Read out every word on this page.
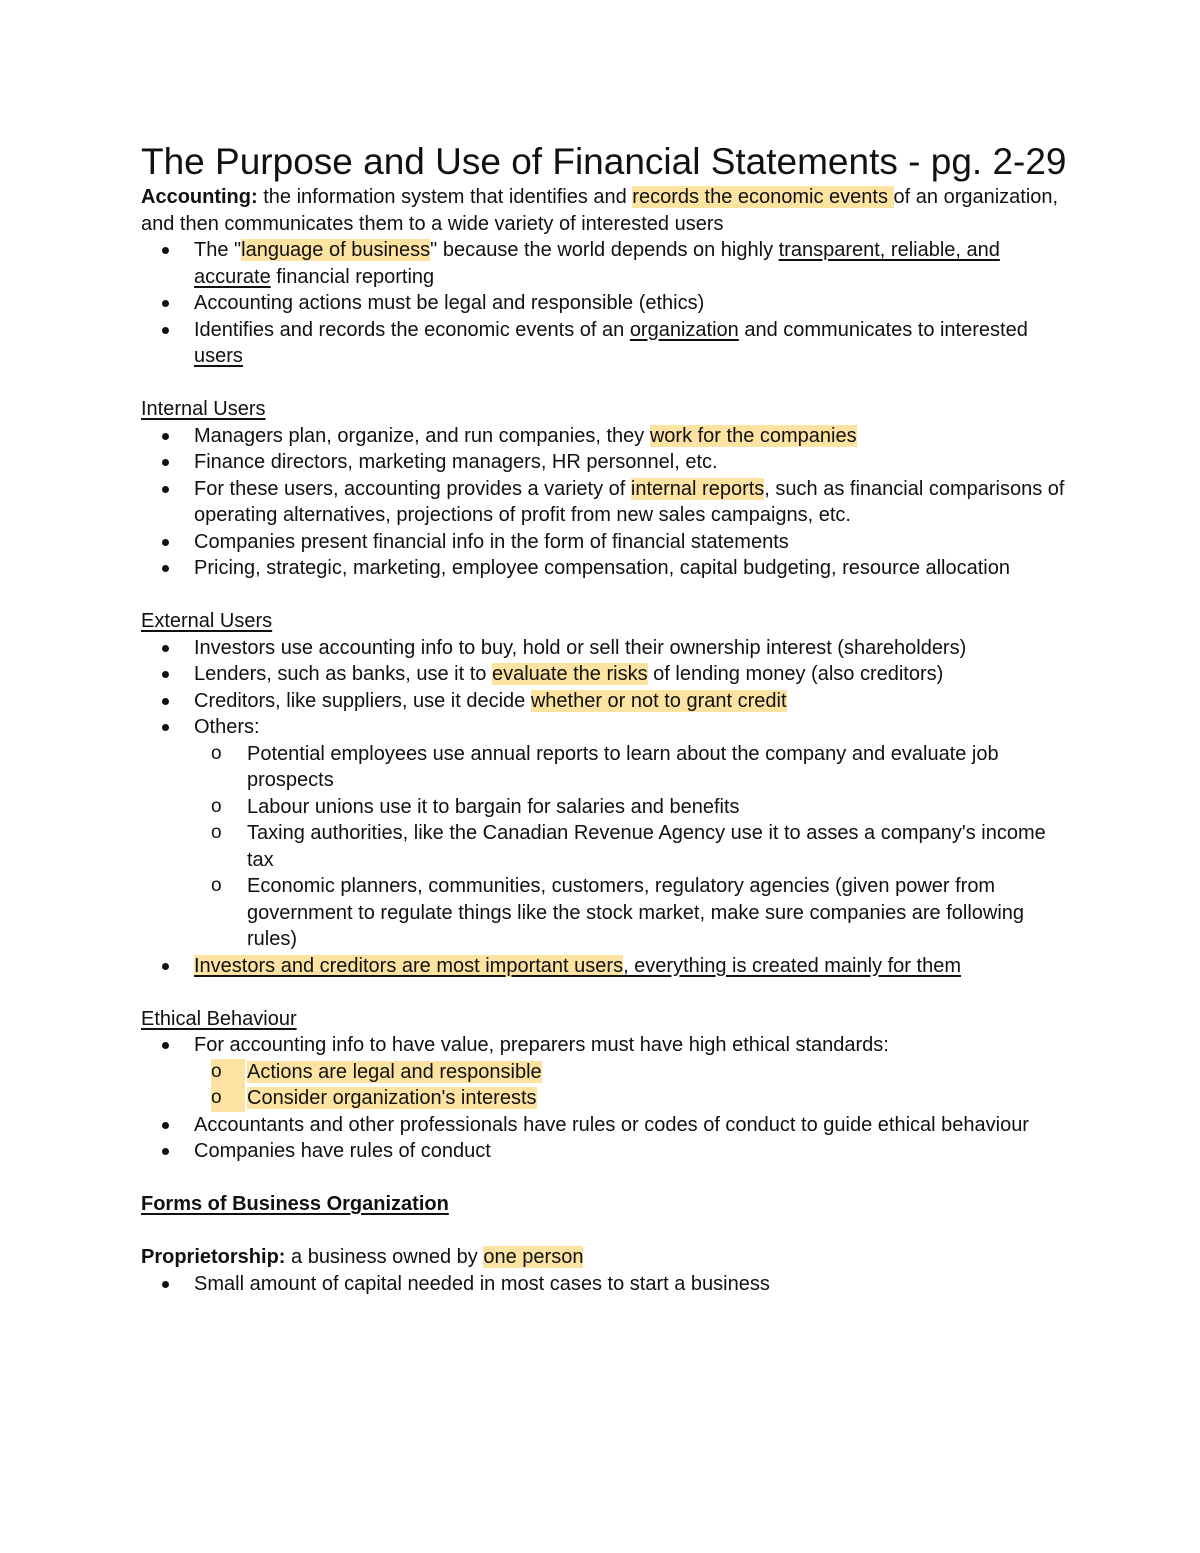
The Purpose and Use of Financial Statements - pg. 2-29

Accounting: the information system that identifies and records the economic events of an organization, and then communicates them to a wide variety of interested users

The "language of business" because the world depends on highly transparent, reliable, and accurate financial reporting
Accounting actions must be legal and responsible (ethics)
Identifies and records the economic events of an organization and communicates to interested users

Internal Users

Managers plan, organize, and run companies, they work for the companies
Finance directors, marketing managers, HR personnel, etc.
For these users, accounting provides a variety of internal reports, such as financial comparisons of operating alternatives, projections of profit from new sales campaigns, etc.
Companies present financial info in the form of financial statements
Pricing, strategic, marketing, employee compensation, capital budgeting, resource allocation

External Users

Investors use accounting info to buy, hold or sell their ownership interest (shareholders)
Lenders, such as banks, use it to evaluate the risks of lending money (also creditors)
Creditors, like suppliers, use it decide whether or not to grant credit
Others:
o	Potential employees use annual reports to learn about the company and evaluate job prospects
o	Labour unions use it to bargain for salaries and benefits
o	Taxing authorities, like the Canadian Revenue Agency use it to asses a company's income tax
o	Economic planners, communities, customers, regulatory agencies (given power from government to regulate things like the stock market, make sure companies are following rules)
Investors and creditors are most important users, everything is created mainly for them

Ethical Behaviour

For accounting info to have value, preparers must have high ethical standards:
o	Actions are legal and responsible
o	Consider organization's interests
Accountants and other professionals have rules or codes of conduct to guide ethical behaviour
Companies have rules of conduct

Forms of Business Organization

Proprietorship: a business owned by one person

Small amount of capital needed in most cases to start a business
